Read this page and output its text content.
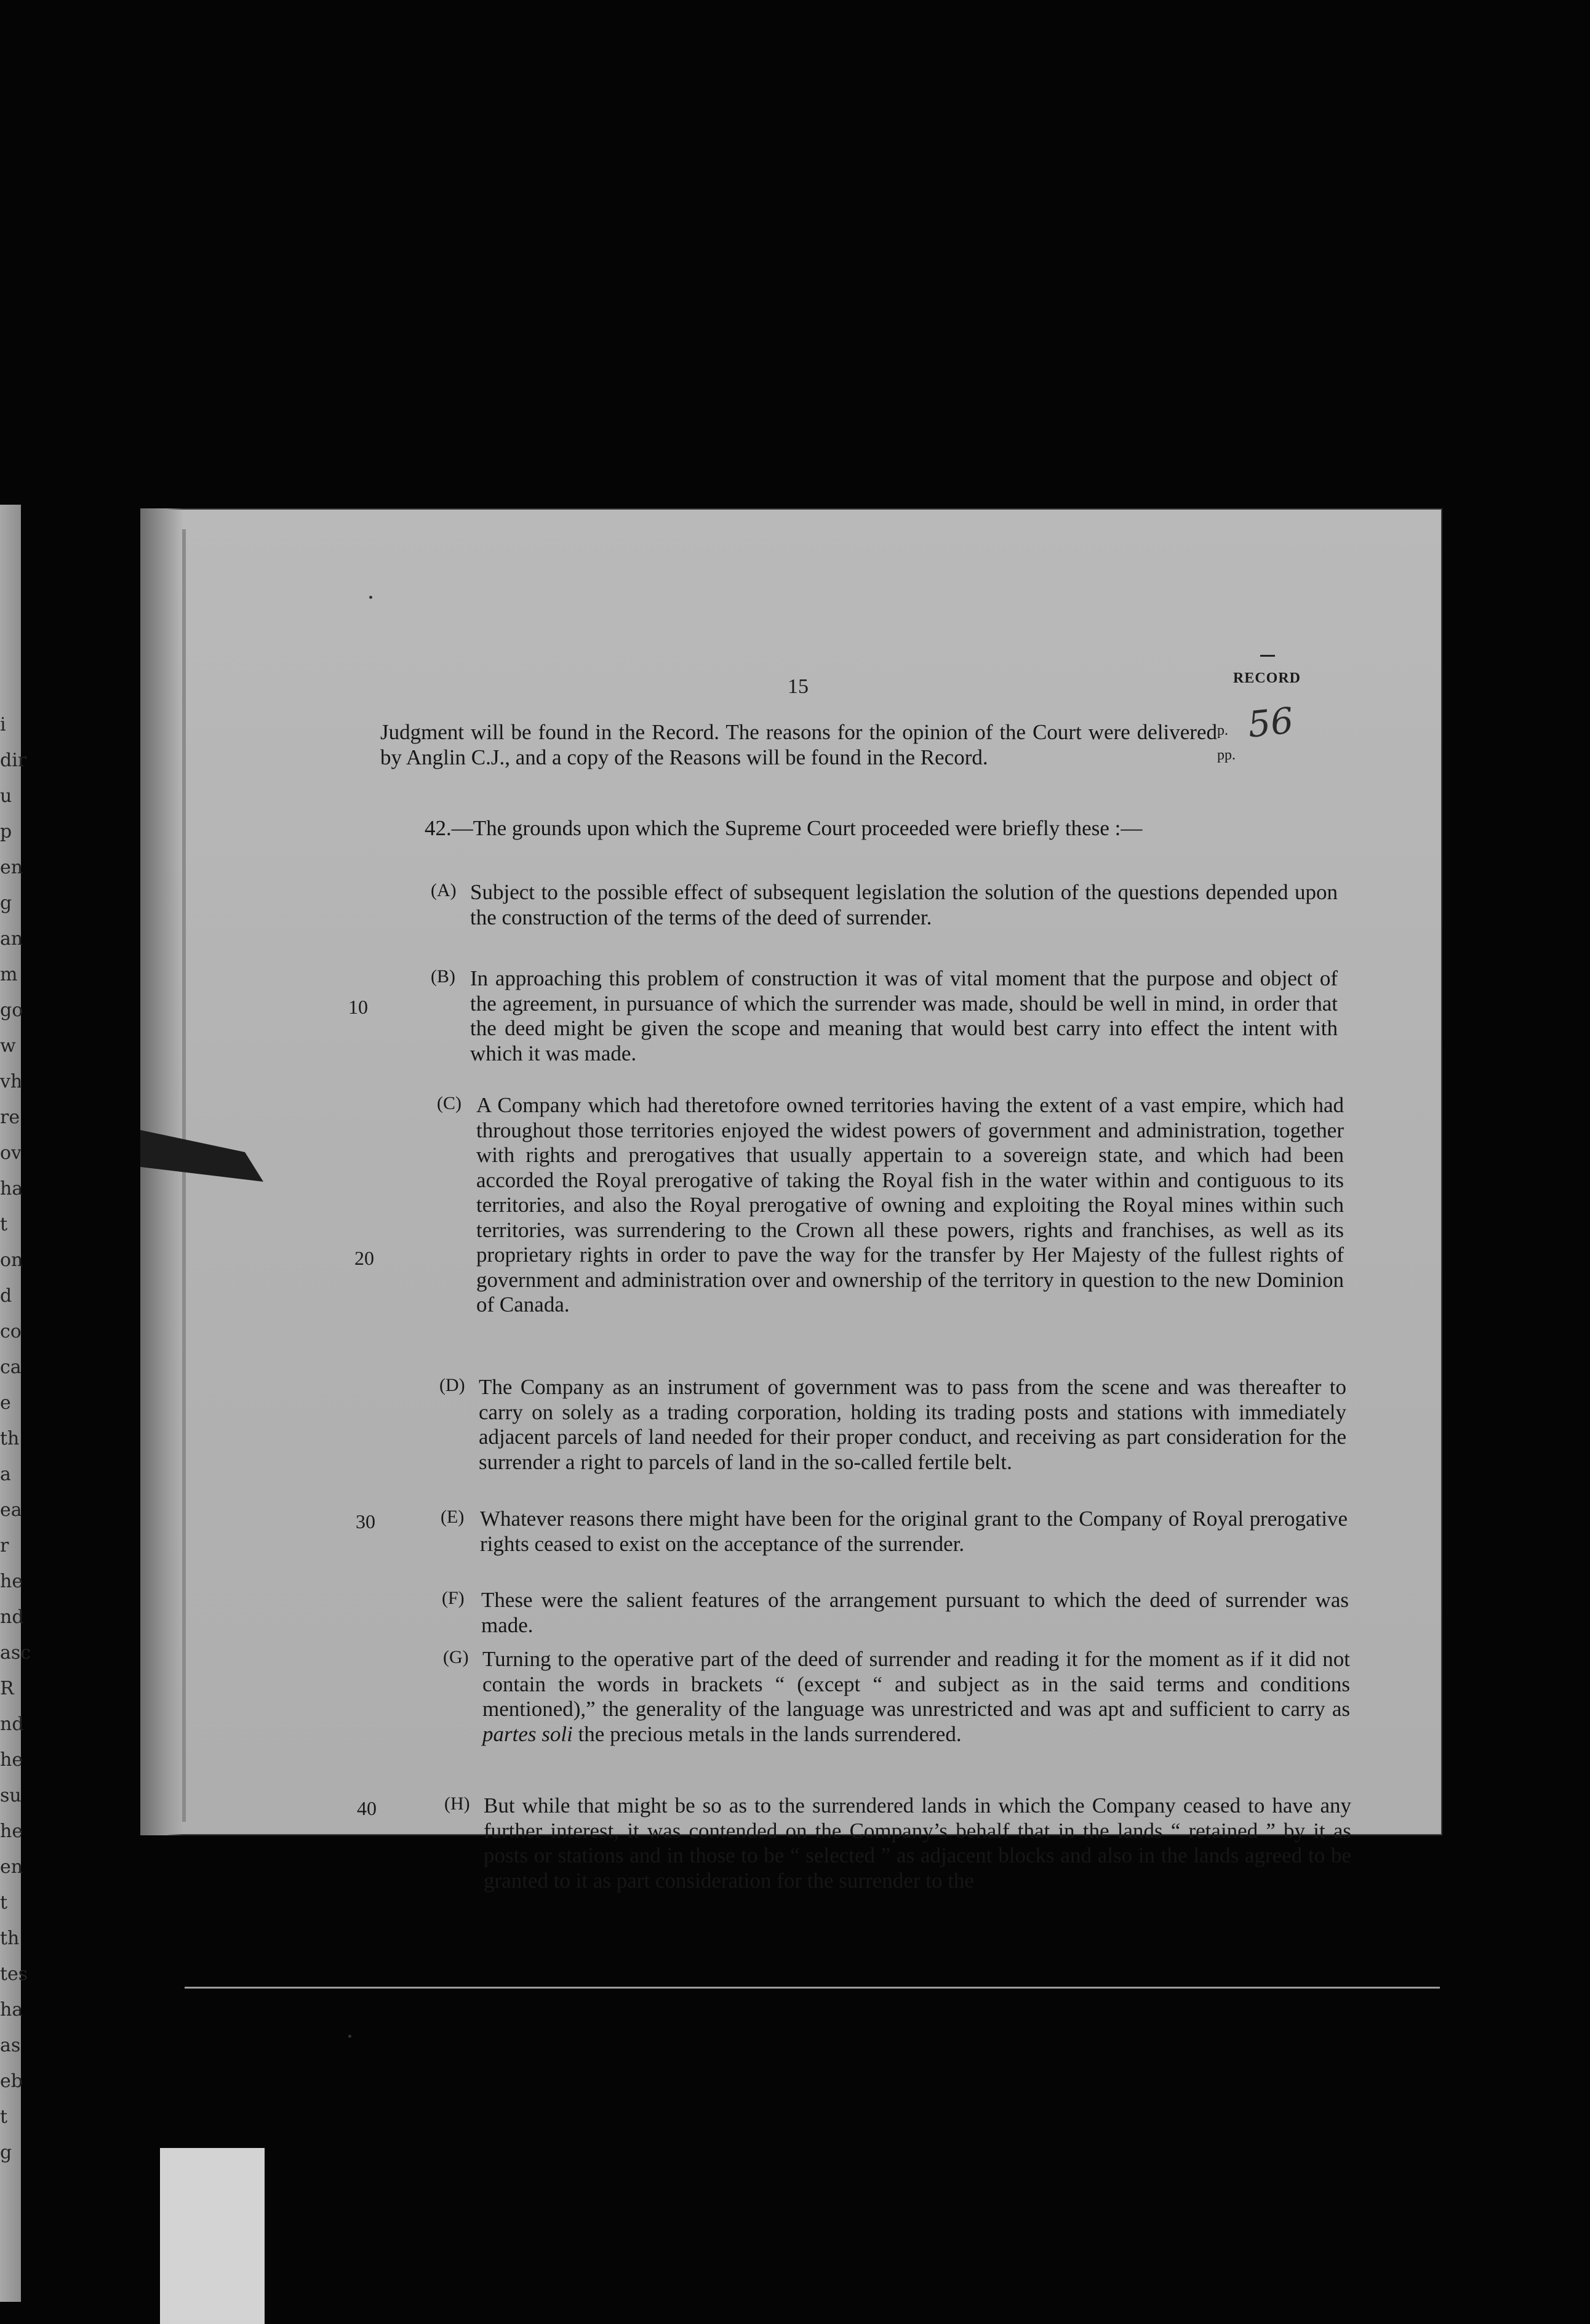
i
dir
u
p
en
g
an
m
go
w
vh
re
ov
ha
t
on
d
co
ca
e
th
a
ea
r
he
nd
asc
R
nd
he
su
he
en
t
th
tes
ha
as
eb
t
g
15	RECORD
p.
pp.
56
Judgment will be found in the Record. The reasons for the opinion of the Court were delivered by Anglin C.J., and a copy of the Reasons will be found in the Record.
42.—The grounds upon which the Supreme Court proceeded were briefly these :—
10
20
30
40
(A) Subject to the possible effect of subsequent legislation the solution of the questions depended upon the construction of the terms of the deed of surrender.
(B) In approaching this problem of construction it was of vital moment that the purpose and object of the agreement, in pursuance of which the surrender was made, should be well in mind, in order that the deed might be given the scope and meaning that would best carry into effect the intent with which it was made.
(C) A Company which had theretofore owned territories having the extent of a vast empire, which had throughout those territories enjoyed the widest powers of government and administration, together with rights and prerogatives that usually appertain to a sovereign state, and which had been accorded the Royal prerogative of taking the Royal fish in the water within and contiguous to its territories, and also the Royal prerogative of owning and exploiting the Royal mines within such territories, was surrendering to the Crown all these powers, rights and franchises, as well as its proprietary rights in order to pave the way for the transfer by Her Majesty of the fullest rights of government and administration over and ownership of the territory in question to the new Dominion of Canada.
(D) The Company as an instrument of government was to pass from the scene and was thereafter to carry on solely as a trading corporation, holding its trading posts and stations with immediately adjacent parcels of land needed for their proper conduct, and receiving as part consideration for the surrender a right to parcels of land in the so-called fertile belt.
(E) Whatever reasons there might have been for the original grant to the Company of Royal prerogative rights ceased to exist on the acceptance of the surrender.
(F) These were the salient features of the arrangement pursuant to which the deed of surrender was made.
(G) Turning to the operative part of the deed of surrender and reading it for the moment as if it did not contain the words in brackets “ (except “ and subject as in the said terms and conditions mentioned),” the generality of the language was unrestricted and was apt and sufficient to carry as partes soli the precious metals in the lands surrendered.
(H) But while that might be so as to the surrendered lands in which the Company ceased to have any further interest, it was contended on the Company’s behalf that in the lands “ retained ” by it as posts or stations and in those to be “ selected ” as adjacent blocks and also in the lands agreed to be granted to it as part consideration for the surrender to the
